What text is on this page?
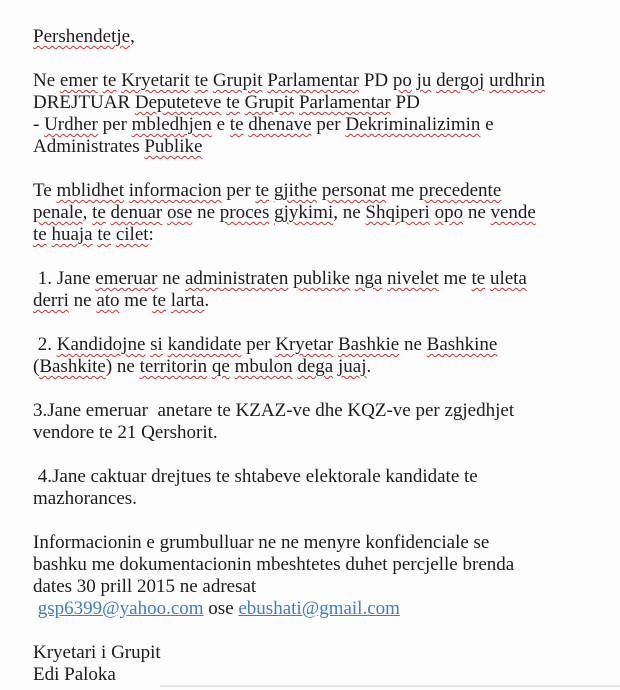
Pershendetje,
Ne emer te Kryetarit te Grupit Parlamentar PD po ju dergoj urdhrin
DREJTUAR Deputeteve te Grupit Parlamentar PD
- Urdher per mbledhjen e te dhenave per Dekriminalizimin e
Administrates Publike
Te mblidhet informacion per te gjithe personat me precedente
penale, te denuar ose ne proces gjykimi, ne Shqiperi opo ne vende
te huaja te cilet:
1. Jane emeruar ne administraten publike nga nivelet me te uleta
derri ne ato me te larta.
2. Kandidojne si kandidate per Kryetar Bashkie ne Bashkine
(Bashkite) ne territorin qe mbulon dega juaj.
3.Jane emeruar  anetare te KZAZ-ve dhe KQZ-ve per zgjedhjet
vendore te 21 Qershorit.
4.Jane caktuar drejtues te shtabeve elektorale kandidate te
mazhorances.
Informacionin e grumbulluar ne ne menyre konfidenciale se
bashku me dokumentacionin mbeshtetes duhet percjelle brenda
dates 30 prill 2015 ne adresat
gsp6399@yahoo.com ose ebushati@gmail.com
Kryetari i Grupit
Edi Paloka
